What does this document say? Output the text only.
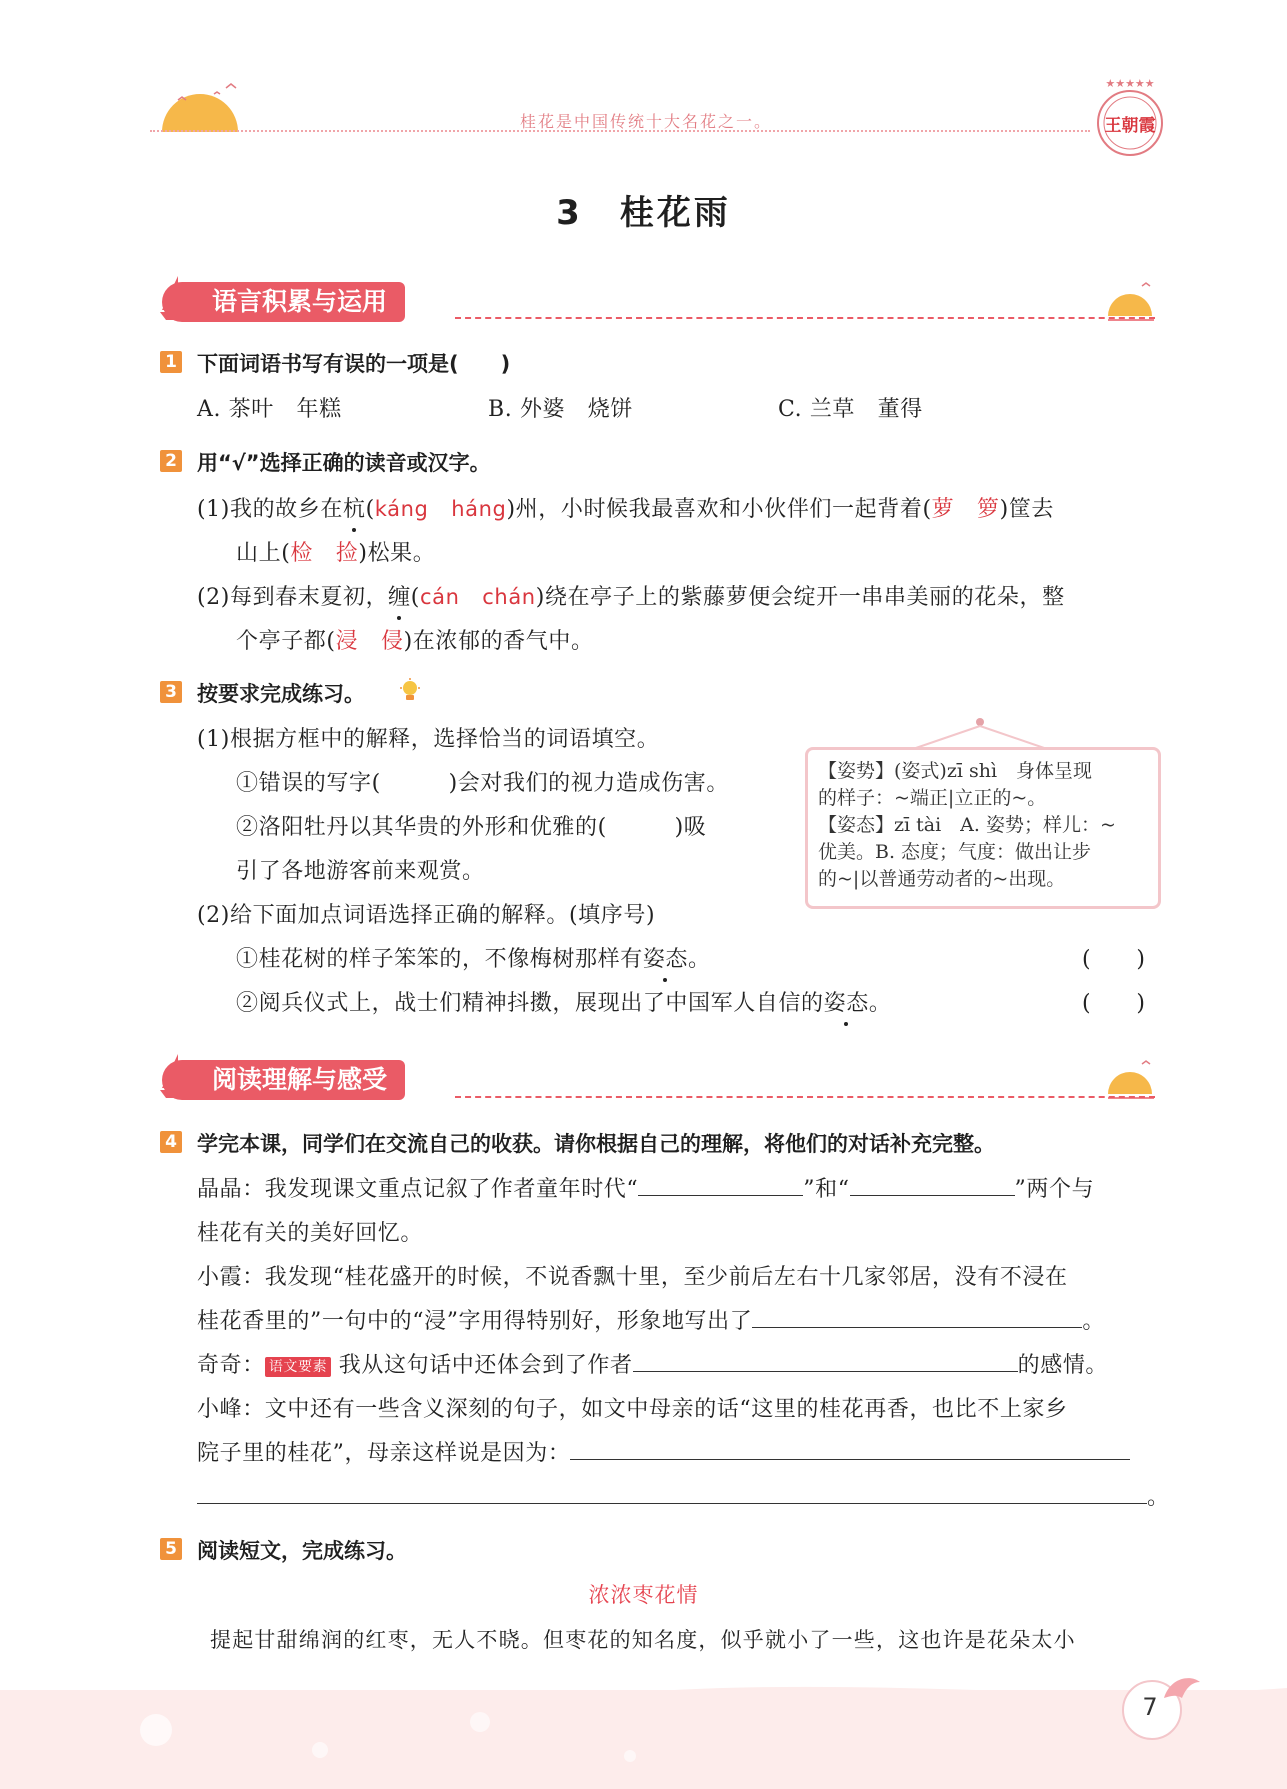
桂花是中国传统十大名花之一。
★★★★★
王朝霞
3　桂花雨
语言积累与运用
1 下面词语书写有误的一项是(　　)
A. 茶叶　年糕	B. 外婆　烧饼	C. 兰草　董得
2 用“√”选择正确的读音或汉字。
(1)我的故乡在杭(káng háng)州，小时候我最喜欢和小伙伴们一起背着(萝 箩)筐去
山上(检 捡)松果。
(2)每到春末夏初，缠(cán chán)绕在亭子上的紫藤萝便会绽开一串串美丽的花朵，整
个亭子都(浸 侵)在浓郁的香气中。
3 按要求完成练习。
(1)根据方框中的解释，选择恰当的词语填空。
①错误的写字(　　　)会对我们的视力造成伤害。
②洛阳牡丹以其华贵的外形和优雅的(　　　)吸
引了各地游客前来观赏。
(2)给下面加点词语选择正确的解释。(填序号)
①桂花树的样子笨笨的，不像梅树那样有姿态。	(　　)
②阅兵仪式上，战士们精神抖擞，展现出了中国军人自信的姿态。	(　　)
【姿势】(姿式)zī shì　身体呈现
的样子：~端正|立正的~。
【姿态】zī tài　A. 姿势；样儿：~
优美。B. 态度；气度：做出让步
的~|以普通劳动者的~出现。
阅读理解与感受
4 学完本课，同学们在交流自己的收获。请你根据自己的理解，将他们的对话补充完整。
晶晶：我发现课文重点记叙了作者童年时代“	”和“	”两个与
桂花有关的美好回忆。
小霞：我发现“桂花盛开的时候，不说香飘十里，至少前后左右十几家邻居，没有不浸在
桂花香里的”一句中的“浸”字用得特别好，形象地写出了	。
奇奇： 语文要素 我从这句话中还体会到了作者	的感情。
小峰：文中还有一些含义深刻的句子，如文中母亲的话“这里的桂花再香，也比不上家乡
院子里的桂花”，母亲这样说是因为：
。
5 阅读短文，完成练习。
浓浓枣花情
提起甘甜绵润的红枣，无人不晓。但枣花的知名度，似乎就小了一些，这也许是花朵太小
7
